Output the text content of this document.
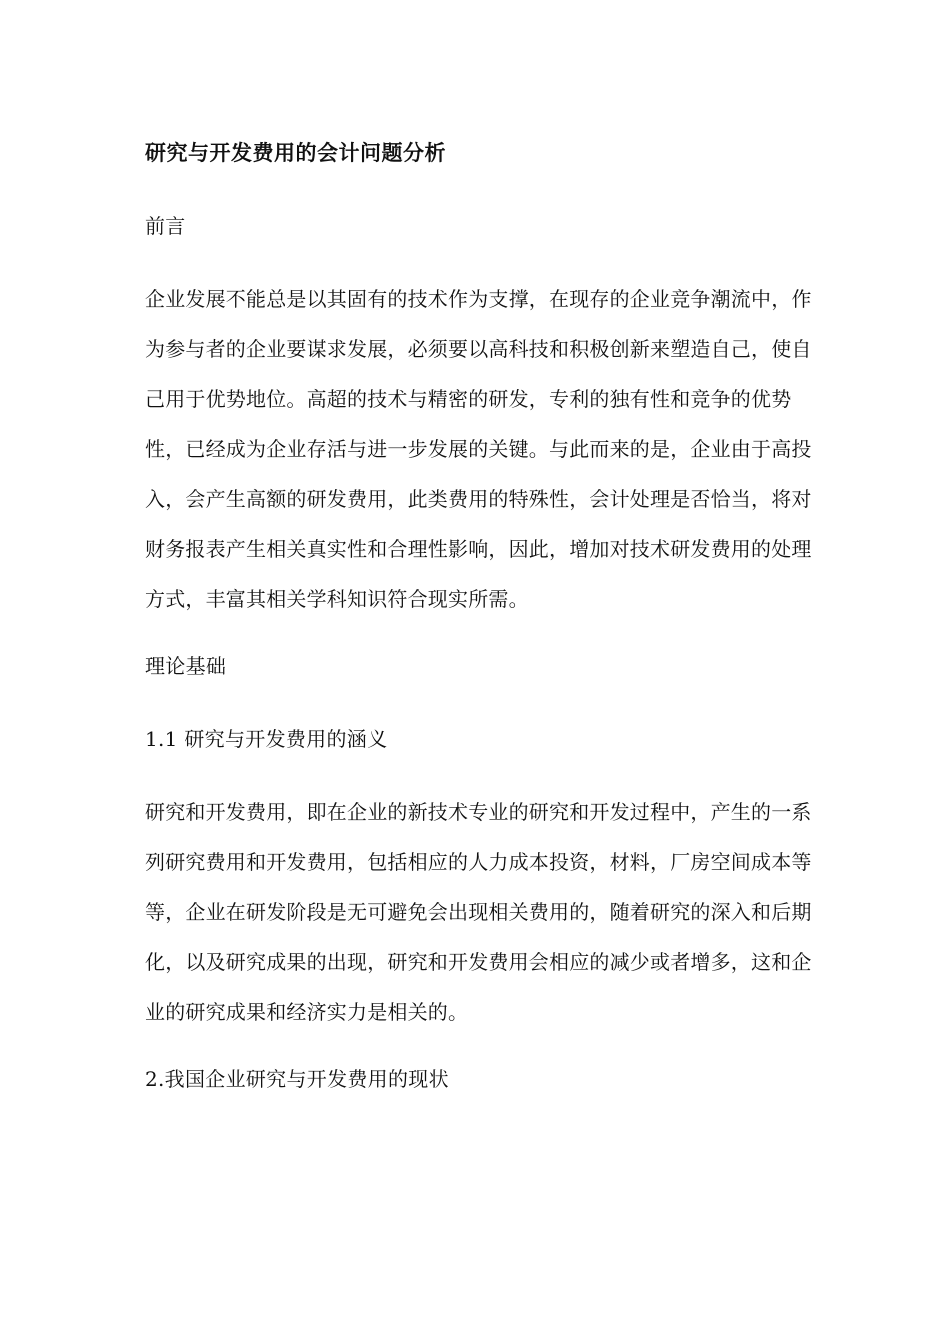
研究与开发费用的会计问题分析
前言
企业发展不能总是以其固有的技术作为支撑，在现存的企业竞争潮流中，作为参与者的企业要谋求发展，必须要以高科技和积极创新来塑造自己，使自己用于优势地位。高超的技术与精密的研发，专利的独有性和竞争的优势性，已经成为企业存活与进一步发展的关键。与此而来的是，企业由于高投入，会产生高额的研发费用，此类费用的特殊性，会计处理是否恰当，将对财务报表产生相关真实性和合理性影响，因此，增加对技术研发费用的处理方式，丰富其相关学科知识符合现实所需。
理论基础
1.1 研究与开发费用的涵义
研究和开发费用，即在企业的新技术专业的研究和开发过程中，产生的一系列研究费用和开发费用，包括相应的人力成本投资，材料，厂房空间成本等等，企业在研发阶段是无可避免会出现相关费用的，随着研究的深入和后期化，以及研究成果的出现，研究和开发费用会相应的减少或者增多，这和企业的研究成果和经济实力是相关的。
2.我国企业研究与开发费用的现状
